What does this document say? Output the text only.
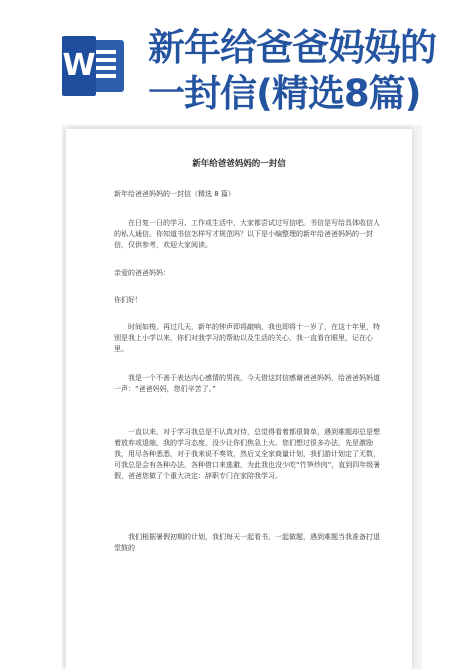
W 新年给爸爸妈妈的
一封信(精选8篇)
新年给爸爸妈妈的一封信
新年给爸爸妈妈的一封信（精选 8 篇）
在日复一日的学习、工作或生活中，大家都尝试过写信吧。书信是写给具体收信人的私人通信。你知道书信怎样写才规范吗？以下是小编整理的新年给爸爸妈妈的一封信，仅供参考，欢迎大家阅读。
亲爱的爸爸妈妈：
你们好！
时间如梭，再过几天，新年的钟声即将敲响，我也即将十一岁了，在这十年里，特别是我上小学以来，你们对我学习的帮助以及生活的关心，我一直看在眼里，记在心里。
我是一个不善于表达内心感情的男孩，今天借这封信感谢爸爸妈妈，给爸爸妈妈道一声：“爸爸妈妈，您们辛苦了。”
一直以来，对于学习我总是不认真对待，总觉得看着都很简单，遇到难题却总是想着放弃或退缩，我的学习态度，没少让你们焦急上火。您们想过很多办法，先是激励我，用尽各种悉悉，对于我来说不奏效，然后又全家商量计划，我们游计划定了无数，可我总是会有各种办法，各种借口来逃避，为此我也没少吃“竹笋炒肉”，直到四年级暑假，爸爸您做了个重大决定：辞职专门在家陪我学习。
我们根据暑假初期的计划，我们每天一起看书，一起做题，遇到难题当我准备打退堂鼓的
